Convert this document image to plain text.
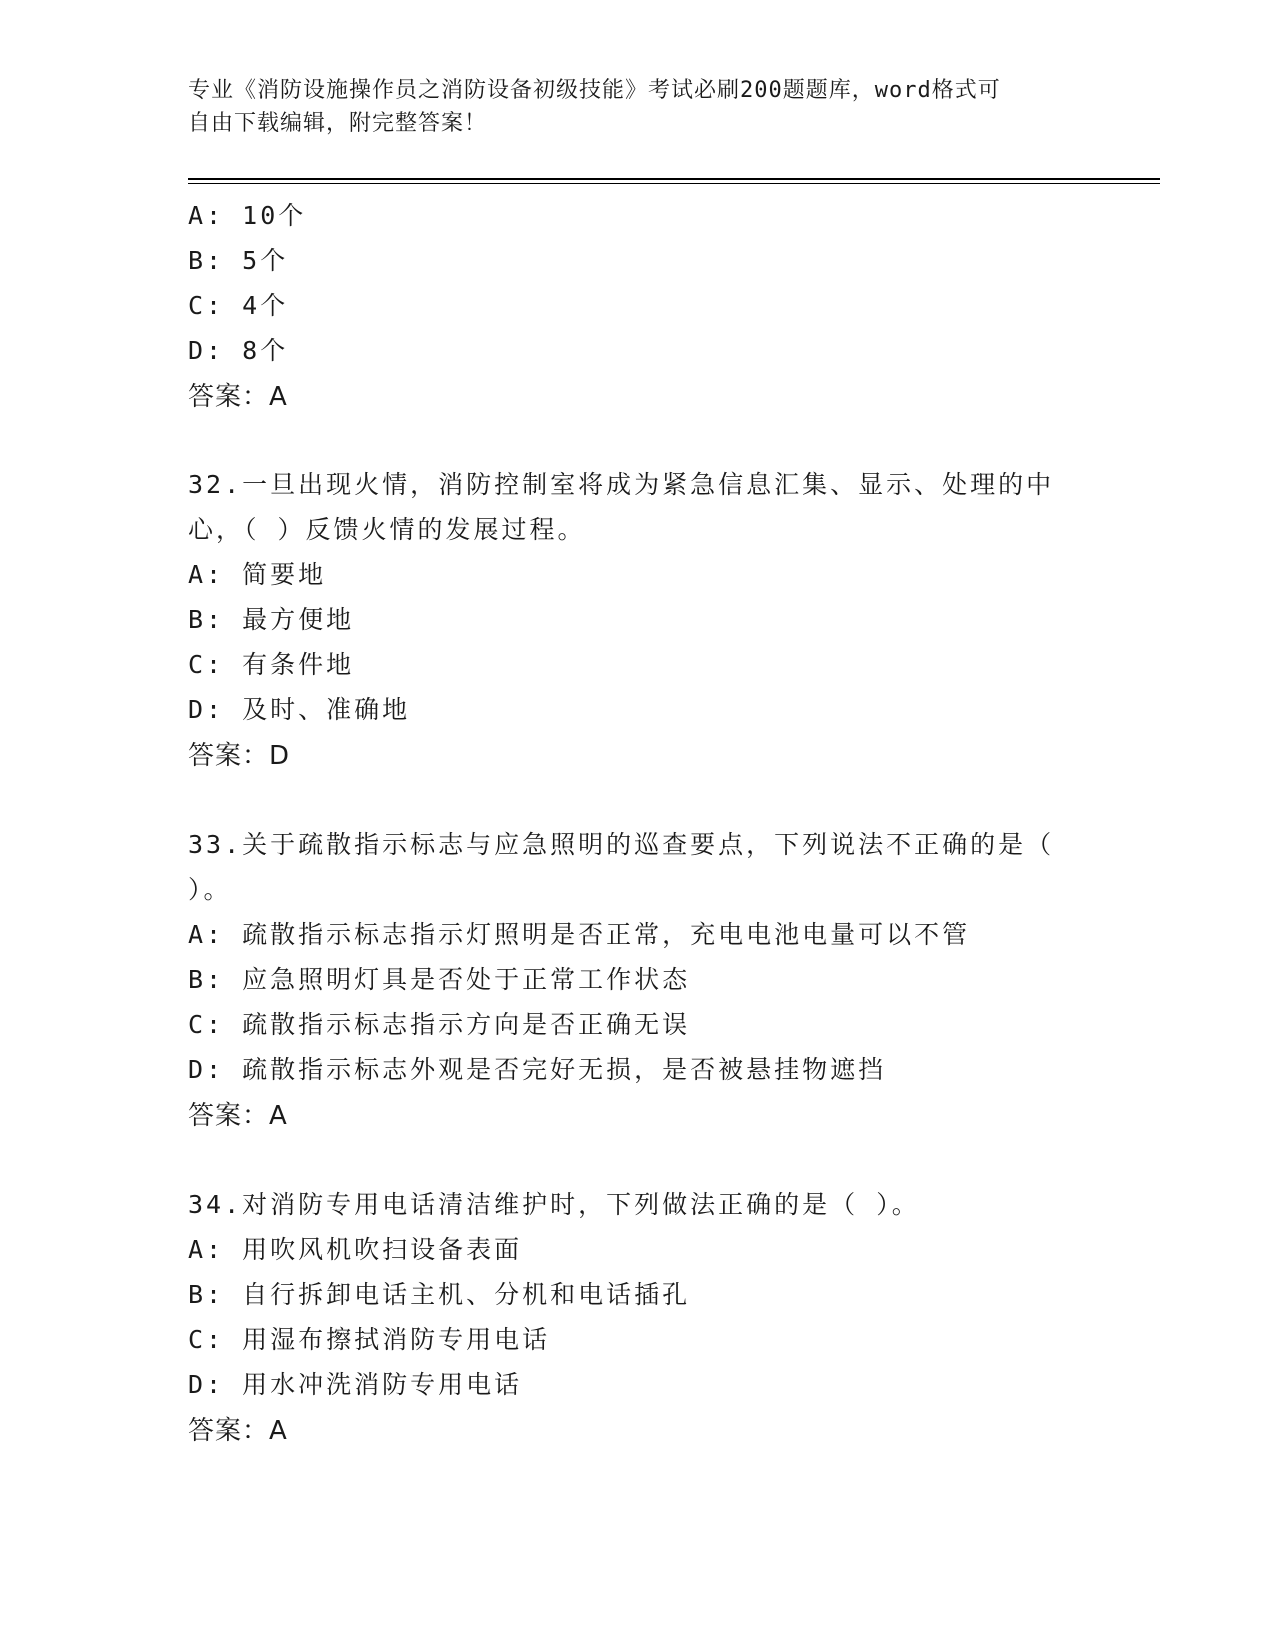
专业《消防设施操作员之消防设备初级技能》考试必刷200题题库，word格式可
自由下载编辑，附完整答案！
A: 10个
B: 5个
C: 4个
D: 8个
答案：A
32.一旦出现火情，消防控制室将成为紧急信息汇集、显示、处理的中
心，（ ）反馈火情的发展过程。
A: 简要地
B: 最方便地
C: 有条件地
D: 及时、准确地
答案：D
33.关于疏散指示标志与应急照明的巡查要点，下列说法不正确的是（
）。
A: 疏散指示标志指示灯照明是否正常，充电电池电量可以不管
B: 应急照明灯具是否处于正常工作状态
C: 疏散指示标志指示方向是否正确无误
D: 疏散指示标志外观是否完好无损，是否被悬挂物遮挡
答案：A
34.对消防专用电话清洁维护时，下列做法正确的是（ ）。
A: 用吹风机吹扫设备表面
B: 自行拆卸电话主机、分机和电话插孔
C: 用湿布擦拭消防专用电话
D: 用水冲洗消防专用电话
答案：A
